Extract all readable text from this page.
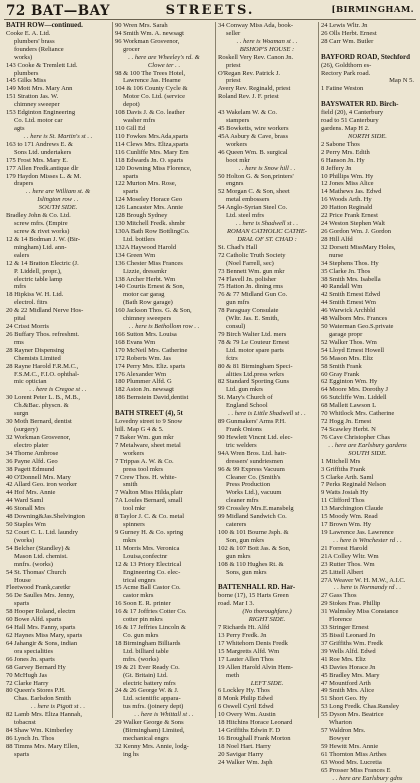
72 BAT—BAY	STREETS.	[BIRMINGHAM.
BATH ROW—continued.
Cooke E. A. Ltd.
plumbers' brass
founders (Reliance
works)
143 Cooke & Tremlett Ltd.
plumbers
145 Gilks Miss
149 Mott Mrs. Mary Ann
151 Stratton Jas. W.
chimney sweeper
153 Edginton Engineering
Co. Ltd. motor car
agts
. . here is St. Martin's st . .
163 to 171 Andrews E. &
Sons Ltd. undertakers
175 Frost Mrs. Mary E.
177 Allen Fredk.antique dlr
179 Haydon Misses L. & M.
drapers
. . here are William st. &
Islington row . .
SOUTH SIDE.
Bradley John & Co. Ltd.
screw mfrs. (Empire
screw & rivet works)
12 & 14 Bodman J. W. (Bir-
mingham) Ltd. ann-
ealers
12 & 14 Bratton Electric (J.
P. Liddell, propr.),
electric table lamp
mfrs
18 Hipkiss W. H. Ltd.
electrol. fitrs
20 & 22 Midland Nerve Hos-
pital
24 Crisst Morris
26 Buffary Thos. refreshmt.
rms
28 Rayner Dispensing
Chemists Limited
28 Rayne Harold F.R.M.C.,
F.S.M.C., F.I.O. ophthal-
mic optician
. . here is Cregoe st . .
30 Lorent Peter L. B., M.B.,
Ch.&Bac. physcn. &
surgn
30 Moth Bernard, dentist
(surgery)
32 Workman Grosvenor,
electro plater
34 Thorne Ambrose
36 Payne Alfd. Geo
38 Pagett Edmund
40 O'Donnell Mrs. Mary
42 Allard Geo. iron worker
44 Hof Mrs. Annie
44 Ward Saml
46 Stonall Mrs
48 Downing&Jas.Shelvington
50 Staples Wm
52 Court C. L. Ltd. laundry
(works)
54 Belcher (Standley) &
Mason Ltd. chemist.
mnfrs. (works)
54 St. Thomas' Church
House
Fleetwood Frank,caretkr
56 De Saulles Mrs. Jenny,
sparts
58 Hooper Roland, electrn
60 Bowe Alfd. sparts
64 Hall Mrs. Fanny, sparts
62 Haynes Miss Mary, sparts
64 Jahangir & Sons, indian
ora specialities
66 Jones Jn. sparts
68 Garvey Bernard Hy
70 McHugh Jas
72 Clarke Harry
80 Queen's Stores P.H.
Chas. Earlsdon Smith
. . here is Pigott st . .
82 Lamb Mrs. Eliza Hannah,
tobacnst
84 Shaw Wm. Kimberley
86 Lynch Jn. Thos
88 Timms Mrs. Mary Ellen,
sparts
90 Wren Mrs. Sarah
94 Smith Wm. A. newsagt
96 Workman Grosvenor,
grocer
. . here are Wheeley's rd. &
Clowe ter . .
98 & 100 The Trees Hotel,
Lawrence Jas. Hearne
104 & 106 County Cycle &
Motor Co. Ltd. (service
depot)
108 Davis J. & Co. leather
washer mfrs
110 Gill Ed
110 Fowkes Mrs.Ada,sparts
114 Clews Mrs. Eliza,sparts
116 Cunliffe Mrs. Mary Ern
118 Edwards Jn. O. sparts
120 Downing Miss Florence,
sparts
122 Murton Mrs. Rose,
sparts
124 Moseley Horace Geo
126 Lancaster Mrs. Annie
128 Brough Sydney
130 Mitchell Fredk. shmbr
130A Bath Row BottlingCo.
Ltd. bottlers
132A Haywood Harold
134 Green Wm
136 Chester Miss Frances
Lizzie, dressmkr
138 Archer Herbt. Wm
140 Courtis Ernest & Son,
motor car garag
(Bath Row garage)
160 Jackson Thos. G. & Son,
chimney sweepers
. . here is Bethollom row . .
166 Sutton Mrs. Louisa
168 Evans Wm
170 McNeil Mrs. Catherine
172 Roberts Wm. Jas
174 Perry Mrs. Eliz. sparts
176 Alexander Wm
180 Plummer Alfd. G
182 Aston Jn. newsagt
186 Bernstein David,dentist

BATH STREET (4), 5t
Lovedny street to 9 Snow
hill. Map G 4 & 5.
7 Baker Wm. gun mkr
7 Metalware, sheet metal
workers
7 Trippas A. W. & Co.
press tool mkrs
7 Crew Thos. H. white-
smith
7 Walton Miss Hilda,platr
7A Loules Bernard, small
tool mkr
8 Taylor J. C. & Co. metal
spinners
9 Gurney H. & Co. spring
mkrs
11 Morris Mrs. Veronica
Louisa,confectnr
12 & 13 Priory Electrical
Engineering Co. elec-
trical engnrs
15 Acme Ball Castor Co.
castor mkrs
16 Soon E. R. printer
16 & 17 Joffries Cotter Co.
cotter pin mkrs
16 & 17 Jeffries Lincoln &
Co. gun mkrs
18 Birmingham Billiards
Ltd. billiard table
mfrs. (works)
19 & 21 Ever Ready Co.
(Gt. Britain) Ltd.
electric battery mfrs
24 & 26 George W. & J.
Ltd. scientific appara-
tus mfrs. (joinery dept)
. . here is Whittall st . .
29 Walker George & Sons
(Birmingham) Limited,
mechanical engrs
32 Kenny Mrs. Annie, lodg-
ing hs
34 Conway Miss Ada, book-
seller
. . here is Woaman st . .
BISHOP'S HOUSE :
Roskell Very Rev. Canon Jn.
priest
O'Regan Rev. Patrick J.
priest
Avery Rev. Reginald, priest
Roland Rev. J. F. priest

43 Wakelam W. & Co.
stampers
45 Bowketts, wire workers
45A Asbury & Cave, brass
workers
46 Queen Wm. B. surgical
boot mkr
. . here is Snow hill . .
50 Holton G. & Son,printers'
engnrs
52 Morgan C. & Son, sheet
metal embossers
54 Anglo-Syrian Steel Co.
Ltd. steel mfrs
. . here is Shadwell st . .
ROMAN CATHOLIC CATHE-
DRAL OF ST. CHAD :
St. Chad's Hall
72 Catholic Truth Society
(Noel Farrell, sec)
73 Bennett Wm. gun mkr
74 Flavell Jn. polisher
75 Hatton Jn. dining rms
76 & 77 Midland Gun Co.
gun mfrs
78 Paraguay Consulate
(Wltr. Jas. E. Smith,
consul)
79 Birch Walter Ltd. mers
78 & 79 Le Couteur Ernest
Ltd. motor spare parts
fctrs
80 & 81 Birmingham Speci-
alities Ltd.press wrkrs
82 Standard Sporting Guns
Ltd. gun mkrs
St. Mary's Church of
England School
. . here is Little Shadwell st . .
89 Gunmakers' Arms P.H.
Frank Onions
90 Hewlett Vincnt Ltd. elec-
tric welders
94A Wren Bros. Ltd. hair-
dressers' sundriesmen
96 & 99 Express Vacuum
Cleaner Co. (Smith's
Press Production
Works Ltd.), vacuum
cleaner mfrs
99 Crossley Mrs.E.mansbelg
99 Midland Sandwich Co.
caterers
100 & 101 Bourne Jsph. &
Son, gun mkrs
102 & 107 Bott Jas. & Son,
gun mkrs
108 & 110 Hughes Rt. &
Sons, gun mkrs

BATTENHALL RD. Har-
borne (17), 15 Harts Green
road. Mar I 3.
(No thoroughfare.)
RIGHT SIDE.
7 Richards Ht. Alfd
13 Perry Fredk. Jn
17 Whitehorn Denis Fredk
15 Margretts Alfd. Wm
17 Lauter Allen Thos
19 Allen Harold Alvin Hem-
meth
LEFT SIDE.
6 Lockley Hy. Thos
8 Monk Philip Edwd
6 Oswell Cyril Edwd
10 Overy Wm. Austin
18 Hitchins Horace Leonard
14 Griffiths Edwin F. D
16 Broughall Frank Morton
18 Noel Hart. Harry
20 Savigar Harry
24 Walker Wm. Jsph
24 Lewis Wltr. Jn
26 Olls Herbt. Ernest
28 Carr Wm. Butler

BAYFORD ROAD, Stechford
(26), Goldthorn es-
Rectory Park road.
Map N 5.
1 Fatine Weston

BAYSWATER RD. Birch-
field (20), 4 Canterbury
road to 51 Canterbury
gardens. Map H 2.
NORTH SIDE.
2 Sabone Thos
2 Perry Mrs. Edith
6 Hanson Jn. Hy
8 Jeffery Jn
10 Phillips Wm. Hy
12 Jones Miss Alice
14 Mathews Jas. Edwd
16 Woods Arth. Hy
20 Hatton Reginald
22 Price Frank Ernest
24 Weston Stephen Walt
26 Gordon Wm. J. Gordon
28 Hill Alfd
32 Dorsett MissMary Holes,
nurse
34 Stephens Thos. Hy
35 Clarke Jn. Thos
38 Smith Mrs. Isabella
40 Randall Wm
42 Smith Ernest Edwd
44 Smith Ernest Wm
46 Warwick Archbld
48 Walborn Mrs. Frances
50 Waterman Geo.S.private
garage propr
52 Walker Thos. Wm
54 Lloyd Ernest Howell
56 Mason Mrs. Eliz
58 Smith Frank
60 Gray Frank
62 Egginton Wm. Hy
64 Moore Mrs. Dorothy J
66 Sutcliffe Wm. Liddell
68 Mallett Lawson L
70 Whitlock Mrs. Catherine
72 Hogg Jn. Ernest
74 Scawley Herbt. N
76 Cave Christopher Chas
. . here are Earlsbury gardens
SOUTH SIDE.
1 Mitchell Mrs
3 Griffiths Frank
5 Clarke Arth. Saml
7 Perks Reginald Nelson
9 Watts Josiah Hy
11 Clifford Thos
13 Marchington Claude
15 Moody Wm. Read
17 Brown Wm. Hy
19 Lawrence Jas. Lawrence
. . here is Winchester rd . .
21 Forrest Harold
21A Colley Wltr. Wm
23 Rutter Thos. Wm
25 Littell Albert
27A Weaver W. H. M.W., A.I.C.
. . here is Normandy rd . .
27 Gass Thos
29 Stokes Fras. Phillip
31 Walmsley Miss Constance
Florence
33 Stringer Ernest
35 Bissil Leonard Jn
37 Griffiths Wm. Fredk
39 Wells Alfd. Edwd
41 Roe Mrs. Eliz
43 Davies Horace Jn
45 Bradley Mrs. Mary
47 Mountford Arth
49 Smith Mrs. Alice
51 Short Geo. Hy
53 Long Fredk. Chas.Ransley
55 Dyson Mrs. Beatrice
Wharton
57 Waldron Mrs.
Bowyer
59 Hewitt Mrs. Annie
61 Thornton Miss Arthes
63 Wood Mrs. Lucretia
65 Prosser Miss Frances E
. . here are Earlsbury gdns
